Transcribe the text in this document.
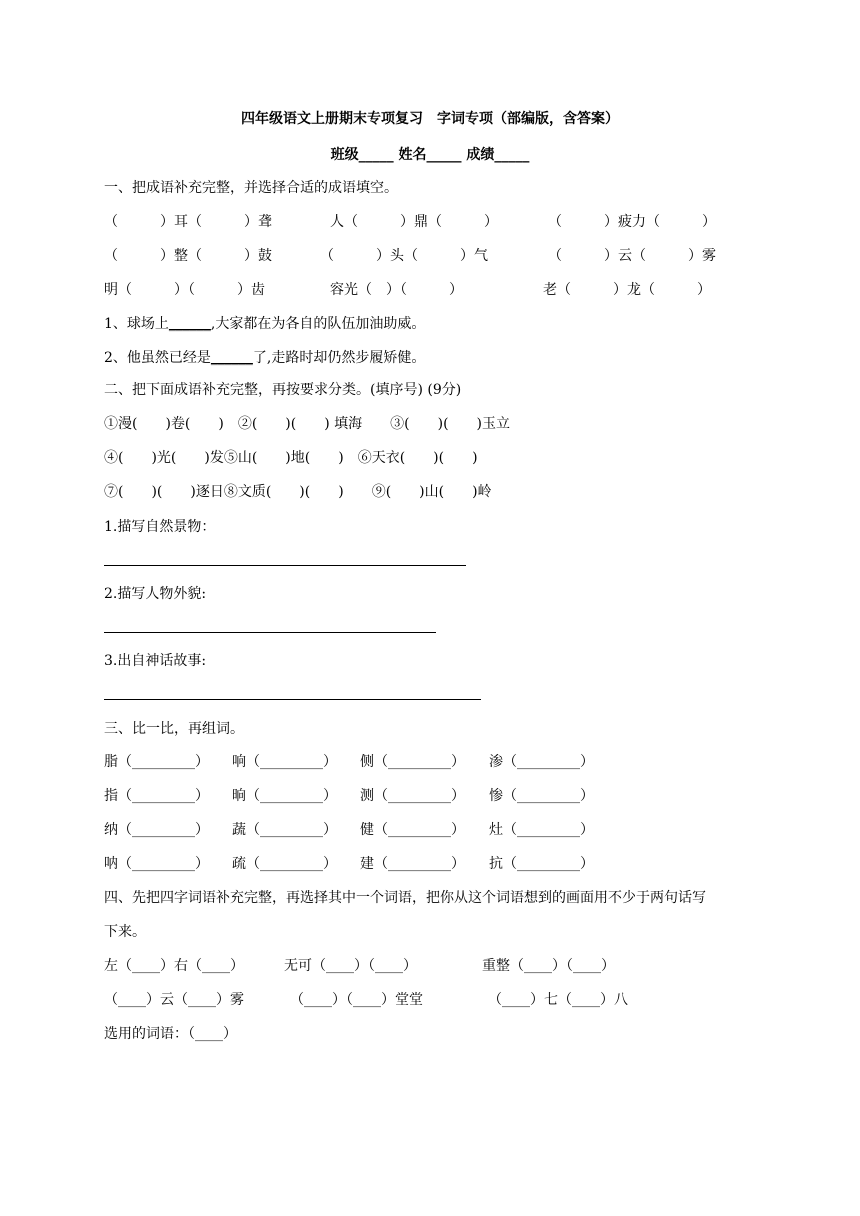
四年级语文上册期末专项复习　字词专项（部编版，含答案）
班级_____ 姓名_____ 成绩_____
一、把成语补充完整，并选择合适的成语填空。
（　　　）耳（　　　）聋	人（　　　）鼎（　　　）	（　　　）疲力（　　　）
（　　　）整（　　　）鼓	（　　　）头（　　　）气	（　　　）云（　　　）雾
明（　　　）（　　　）齿	容光（　）（　　　）	老（　　　）龙（　　　）
1、球场上______,大家都在为各自的队伍加油助威。
2、他虽然已经是______了,走路时却仍然步履矫健。
二、把下面成语补充完整，再按要求分类。(填序号) (9分)
①漫(　　)卷(　　)　②(　　)(　　) 填海　　③(　　)(　　)玉立
④(　　)光(　　)发⑤山(　　)地(　　)　⑥天衣(　　)(　　)
⑦(　　)(　　)逐日⑧文质(　　)(　　)　　⑨(　　)山(　　)岭
1.描写自然景物：
2.描写人物外貌:
3.出自神话故事:
三、比一比，再组词。
脂（_________） 响（_________） 侧（_________） 渗（_________）
指（_________） 晌（_________） 测（_________） 惨（_________）
纳（_________） 蔬（_________） 健（_________） 灶（_________）
呐（_________） 疏（_________） 建（_________） 抗（_________）
四、先把四字词语补充完整，再选择其中一个词语，把你从这个词语想到的画面用不少于两句话写
下来。
左（____）右（____）	无可（____）（____）	重整（____）（____）
（____）云（____）雾	（____）（____）堂堂	（____）七（____）八
选用的词语：（____）
